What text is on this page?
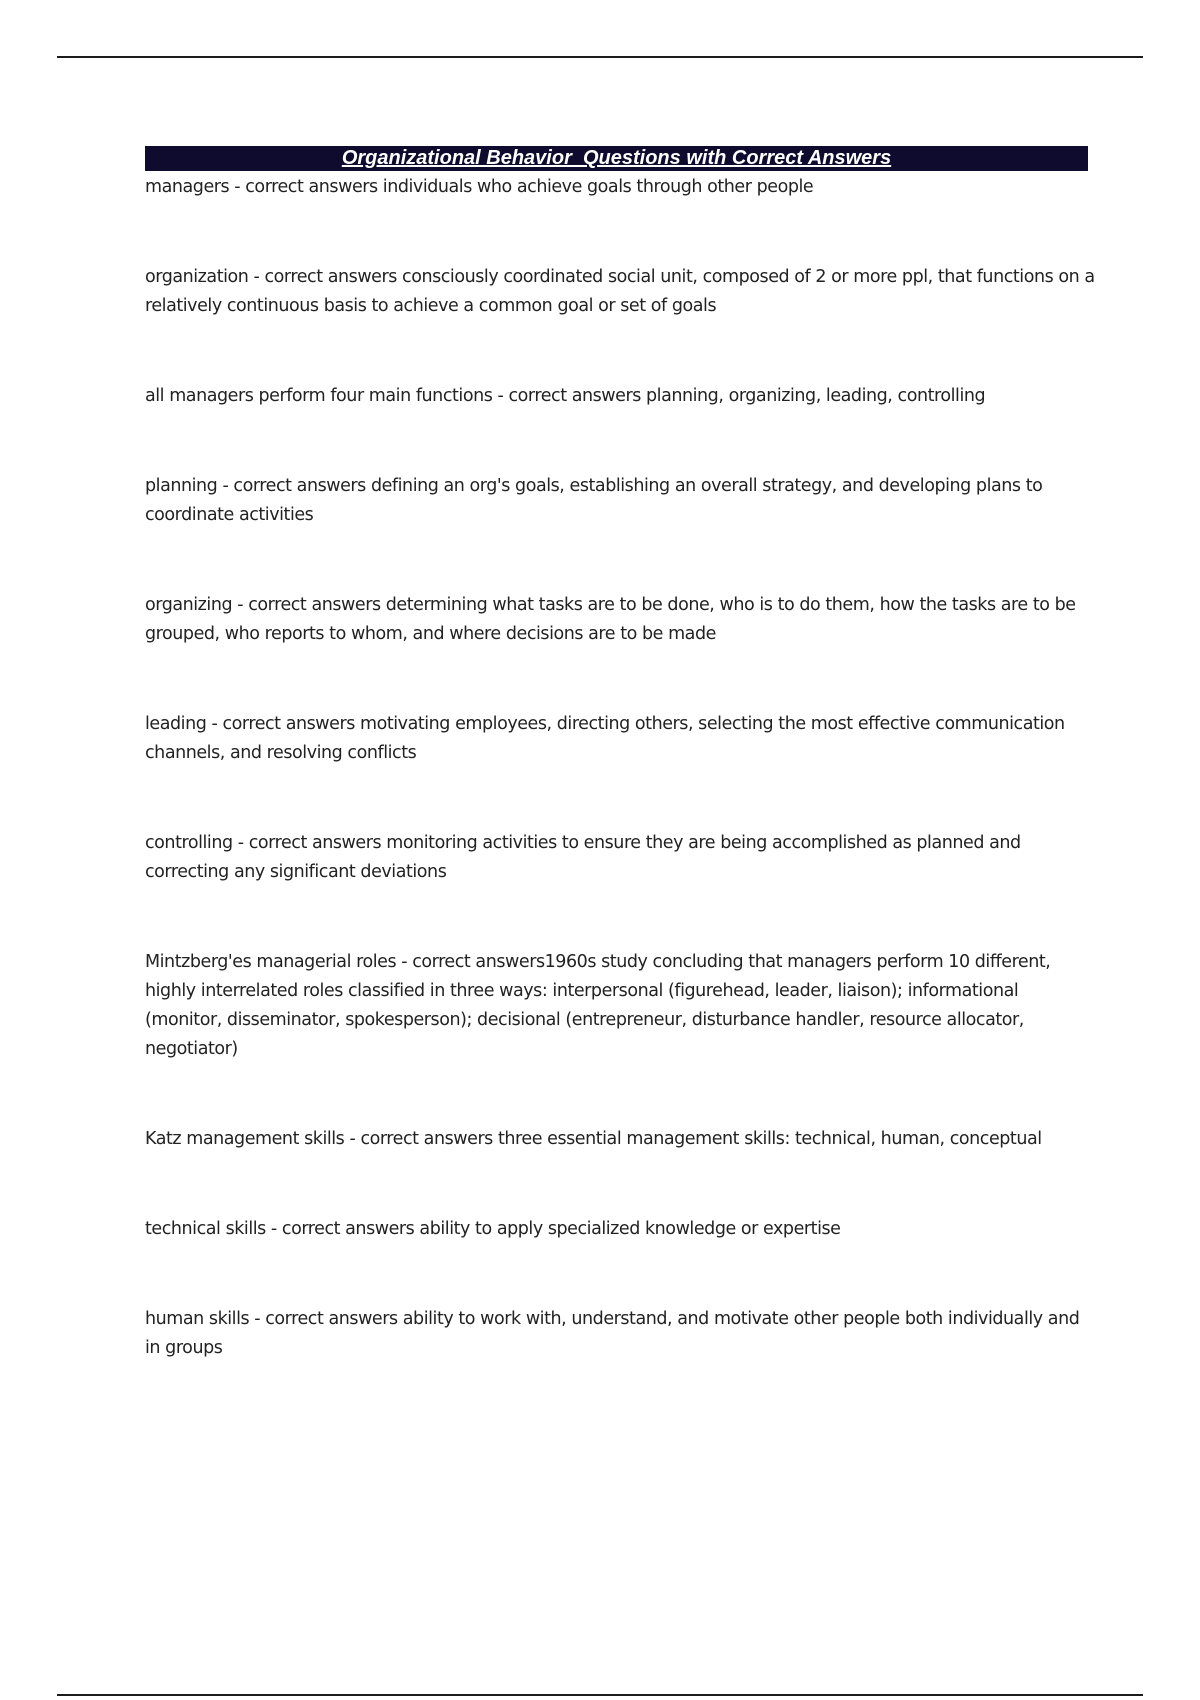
Organizational Behavior  Questions with Correct Answers

managers - correct answers individuals who achieve goals through other people

organization - correct answers consciously coordinated social unit, composed of 2 or more ppl, that functions on a relatively continuous basis to achieve a common goal or set of goals

all managers perform four main functions - correct answers planning, organizing, leading, controlling

planning - correct answers defining an org's goals, establishing an overall strategy, and developing plans to coordinate activities

organizing - correct answers determining what tasks are to be done, who is to do them, how the tasks are to be grouped, who reports to whom, and where decisions are to be made

leading - correct answers motivating employees, directing others, selecting the most effective communication channels, and resolving conflicts

controlling - correct answers monitoring activities to ensure they are being accomplished as planned and correcting any significant deviations

Mintzberg'es managerial roles - correct answers1960s study concluding that managers perform 10 different, highly interrelated roles classified in three ways: interpersonal (figurehead, leader, liaison); informational (monitor, disseminator, spokesperson); decisional (entrepreneur, disturbance handler, resource allocator, negotiator)

Katz management skills - correct answers three essential management skills: technical, human, conceptual

technical skills - correct answers ability to apply specialized knowledge or expertise

human skills - correct answers ability to work with, understand, and motivate other people both individually and in groups
